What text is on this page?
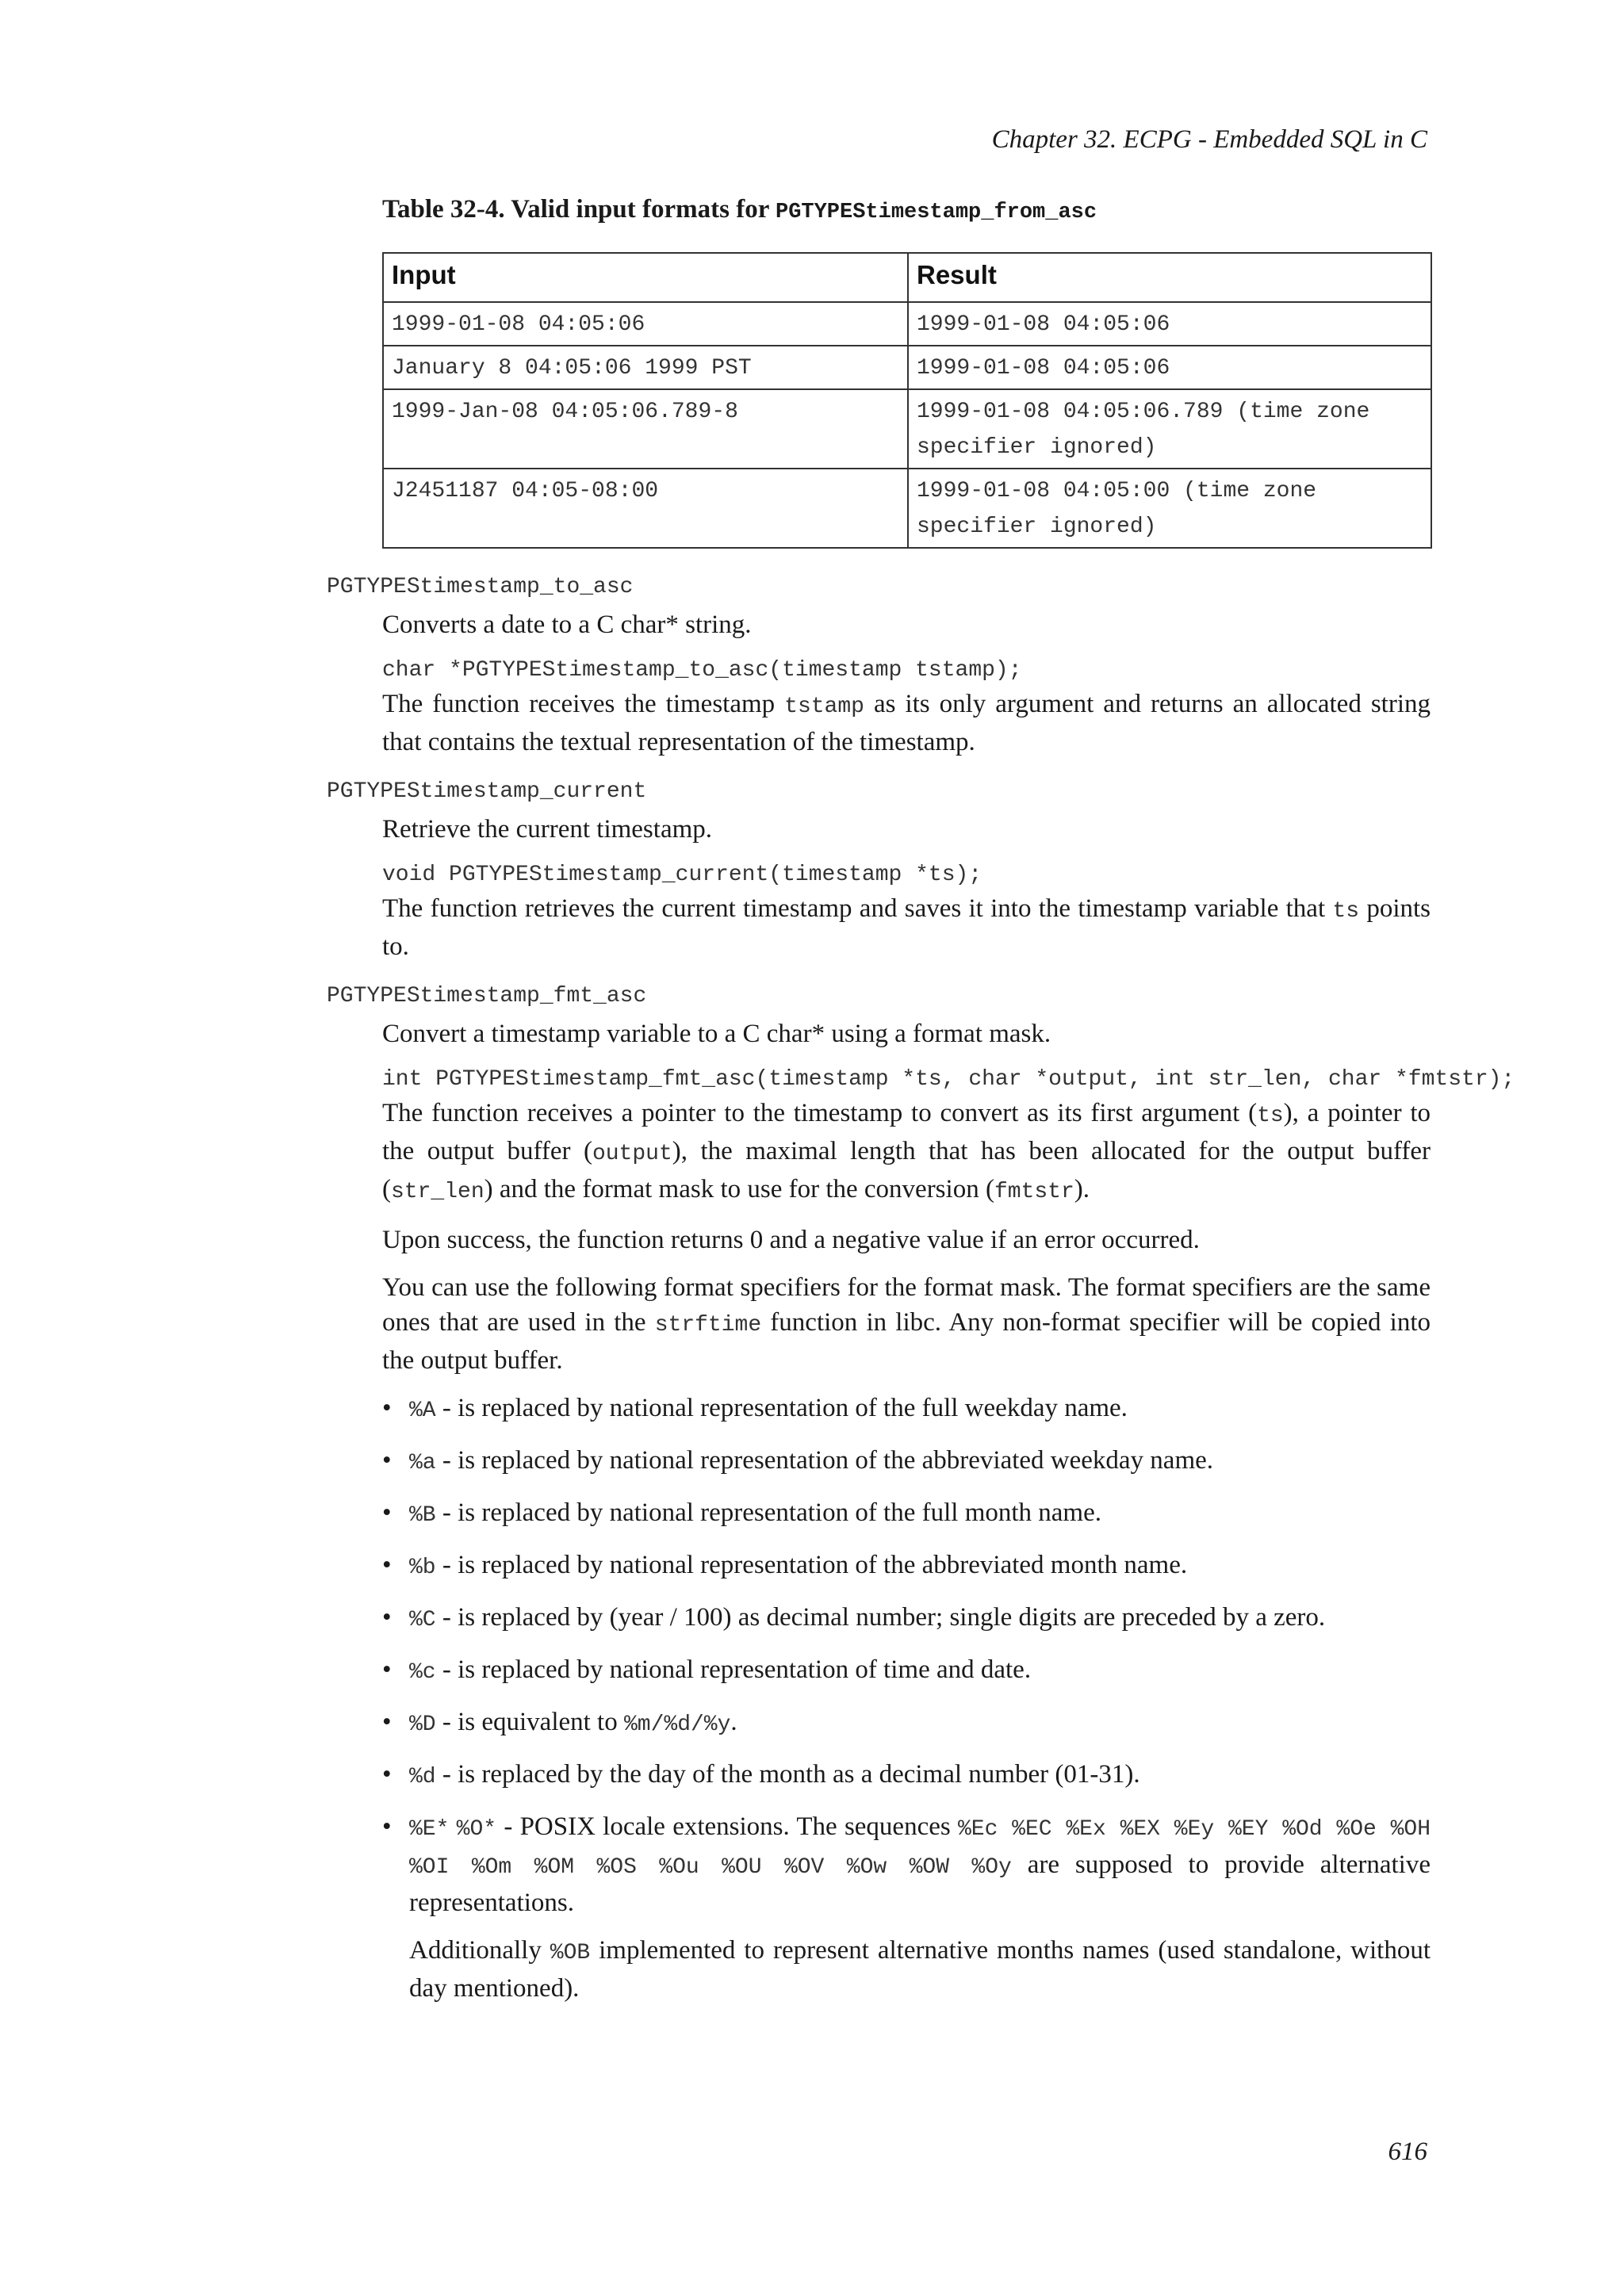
Chapter 32. ECPG - Embedded SQL in C
Table 32-4. Valid input formats for PGTYPEStimestamp_from_asc
Input	Result
1999-01-08 04:05:06	1999-01-08 04:05:06
January 8 04:05:06 1999 PST	1999-01-08 04:05:06
1999-Jan-08 04:05:06.789-8	1999-01-08 04:05:06.789 (time zone specifier ignored)
J2451187 04:05-08:00	1999-01-08 04:05:00 (time zone specifier ignored)

PGTYPEStimestamp_to_asc

Converts a date to a C char* string.

char *PGTYPEStimestamp_to_asc(timestamp tstamp);

The function receives the timestamp tstamp as its only argument and returns an allocated string that contains the textual representation of the timestamp.

PGTYPEStimestamp_current

Retrieve the current timestamp.

void PGTYPEStimestamp_current(timestamp *ts);

The function retrieves the current timestamp and saves it into the timestamp variable that ts points to.

PGTYPEStimestamp_fmt_asc

Convert a timestamp variable to a C char* using a format mask.

int PGTYPEStimestamp_fmt_asc(timestamp *ts, char *output, int str_len, char *fmtstr);

The function receives a pointer to the timestamp to convert as its first argument (ts), a pointer to the output buffer (output), the maximal length that has been allocated for the output buffer (str_len) and the format mask to use for the conversion (fmtstr).

Upon success, the function returns 0 and a negative value if an error occurred.

You can use the following format specifiers for the format mask. The format specifiers are the same ones that are used in the strftime function in libc. Any non-format specifier will be copied into the output buffer.

• %A - is replaced by national representation of the full weekday name.
• %a - is replaced by national representation of the abbreviated weekday name.
• %B - is replaced by national representation of the full month name.
• %b - is replaced by national representation of the abbreviated month name.
• %C - is replaced by (year / 100) as decimal number; single digits are preceded by a zero.
• %c - is replaced by national representation of time and date.
• %D - is equivalent to %m/%d/%y.
• %d - is replaced by the day of the month as a decimal number (01-31).
• %E* %O* - POSIX locale extensions. The sequences %Ec %EC %Ex %EX %Ey %EY %Od %Oe %OH %OI %Om %OM %OS %Ou %OU %OV %Ow %OW %Oy are supposed to provide alternative representations.
Additionally %OB implemented to represent alternative months names (used standalone, without day mentioned).
616
